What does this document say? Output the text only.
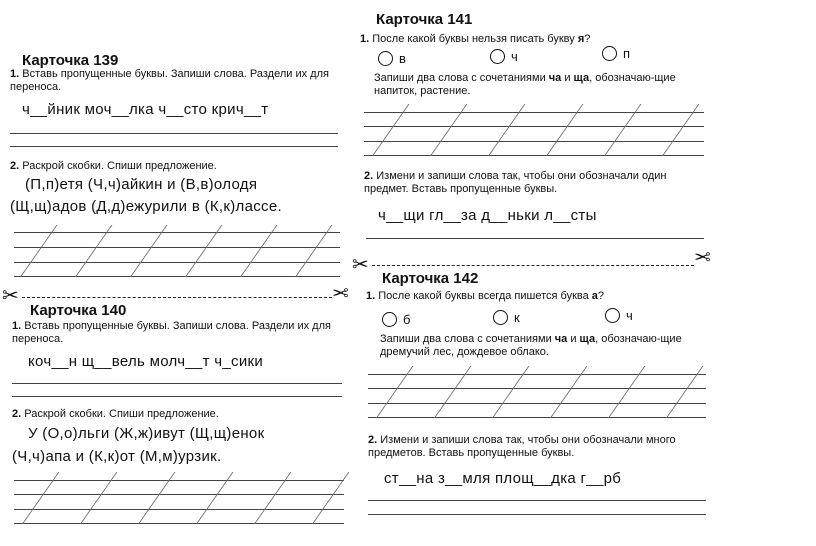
Карточка 139
1. Вставь пропущенные буквы. Запиши слова. Раздели их для переноса.
ч__йник моч__лка ч__сто крич__т
2. Раскрой скобки. Спиши предложение.
(П,п)етя (Ч,ч)айкин и (В,в)олодя
(Щ,щ)адов (Д,д)ежурили в (К,к)лассе.
✂	✂
Карточка 140
1. Вставь пропущенные буквы. Запиши слова. Раздели их для переноса.
коч__н щ__вель молч__т ч_сики
2. Раскрой скобки. Спиши предложение.
У (О,о)льги (Ж,ж)ивут (Щ,щ)енок
(Ч,ч)апа и (К,к)от (М,м)урзик.
Карточка 141
1. После какой буквы нельзя писать букву я?
в	ч	п
Запиши два слова с сочетаниями ча и ща, обозначаю-щие напиток, растение.
2. Измени и запиши слова так, чтобы они обозначали один предмет. Вставь пропущенные буквы.
ч__щи гл__за д__ньки л__сты
✂	✂
Карточка 142
1. После какой буквы всегда пишется буква а?
б	к	ч
Запиши два слова с сочетаниями ча и ща, обозначаю-щие дремучий лес, дождевое облако.
2. Измени и запиши слова так, чтобы они обозначали много предметов. Вставь пропущенные буквы.
ст__на з__мля площ__дка г__рб
